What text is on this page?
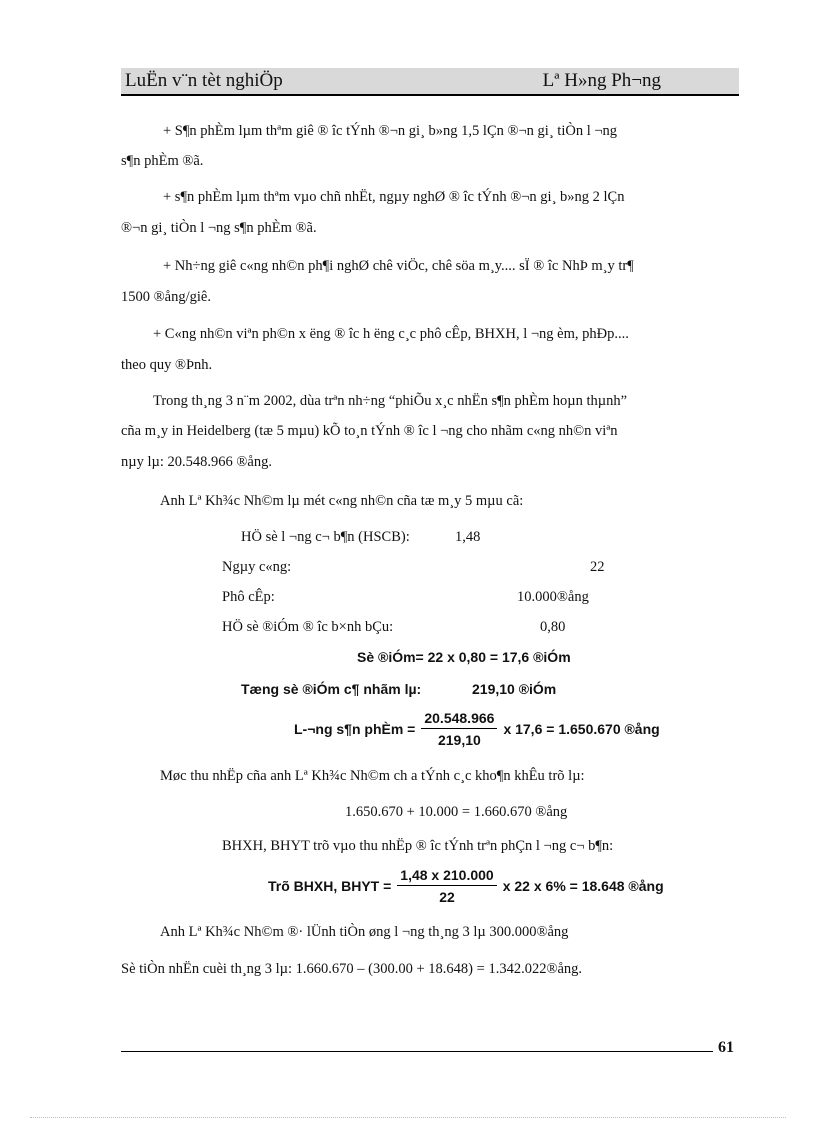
LuËn v¨n tèt nghiÖp	Lª H»ng Ph¬ng
+ S¶n phÈm lµm thªm giê ® îc tÝnh ®¬n gi¸ b»ng 1,5 lÇn ®¬n gi¸ tiÒn l ¬ng
s¶n phÈm ®ã.
+ s¶n phÈm lµm thªm vµo chñ nhËt, ngµy nghØ ® îc tÝnh ®¬n gi¸ b»ng 2 lÇn
®¬n gi¸ tiÒn l ¬ng s¶n phÈm ®ã.
+ Nh÷ng giê c«ng nh©n ph¶i nghØ chê viÖc, chê söa m¸y.... sÏ ® îc NhÞ m¸y tr¶
1500 ®ång/giê.
+ C«ng nh©n viªn ph©n x ëng ® îc h ëng c¸c phô cÊp, BHXH, l ¬ng èm, phÐp....
theo quy ®Þnh.
Trong th¸ng 3 n¨m 2002, dùa trªn nh÷ng “phiÕu x¸c nhËn s¶n phÈm hoµn thµnh”
cña m¸y in Heidelberg (tæ 5 mµu) kÕ to¸n tÝnh ® îc l ¬ng cho nhãm c«ng nh©n viªn
nµy lµ: 20.548.966 ®ång.
Anh Lª Kh¾c Nh©m lµ mét c«ng nh©n cña tæ m¸y 5 mµu cã:
HÖ sè l ¬ng c¬ b¶n (HSCB):	1,48
Ngµy c«ng:	22
Phô cÊp:	10.000®ång
HÖ sè ®iÓm ® îc b×nh bÇu:	0,80
Sè ®iÓm= 22 x 0,80 = 17,6 ®iÓm
Tæng sè ®iÓm c¶ nhãm lµ:	219,10 ®iÓm
L-¬ng s¶n phÈm = $\frac{20.548.966}{219,10}$ x 17,6 = 1.650.670 ®ång
Møc thu nhËp cña anh Lª Kh¾c Nh©m ch a tÝnh c¸c kho¶n khÊu trõ lµ:
1.650.670 + 10.000 = 1.660.670 ®ång
BHXH, BHYT trõ vµo thu nhËp ® îc tÝnh trªn phÇn l ¬ng c¬ b¶n:
Trõ BHXH, BHYT = $\frac{1,48 x 210.000}{22}$ x 22 x 6% = 18.648 ®ång
Anh Lª Kh¾c Nh©m ®· lÜnh tiÒn øng l ¬ng th¸ng 3 lµ 300.000®ång
Sè tiÒn nhËn cuèi th¸ng 3 lµ: 1.660.670 – (300.00 + 18.648) = 1.342.022®ång.
61
